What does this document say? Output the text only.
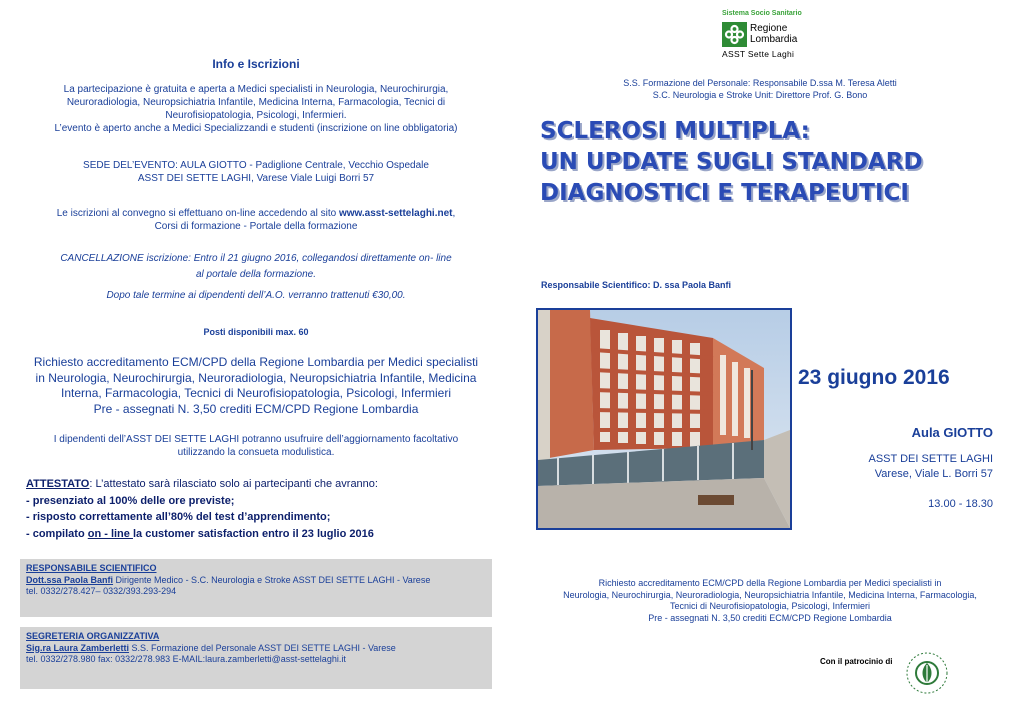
Info e Iscrizioni
La partecipazione è gratuita e aperta a Medici specialisti in Neurologia, Neurochirurgia,
Neuroradiologia, Neuropsichiatria Infantile, Medicina Interna, Farmacologia, Tecnici di
Neurofisiopatologia, Psicologi, Infermieri.
L’evento è aperto anche a Medici Specializzandi e studenti (inscrizione on line obbligatoria)
SEDE DEL’EVENTO: AULA GIOTTO - Padiglione Centrale, Vecchio Ospedale
ASST DEI SETTE LAGHI, Varese Viale Luigi Borri 57
Le iscrizioni al convegno si effettuano on-line accedendo al sito www.asst-settelaghi.net,
Corsi di formazione - Portale della formazione
CANCELLAZIONE iscrizione: Entro il 21 giugno 2016, collegandosi direttamente on- line
al portale della formazione.
Dopo tale termine ai dipendenti dell’A.O. verranno trattenuti €30,00.
Posti disponibili max. 60
Richiesto accreditamento ECM/CPD della Regione Lombardia per Medici specialisti
in Neurologia, Neurochirurgia, Neuroradiologia, Neuropsichiatria Infantile, Medicina
Interna, Farmacologia, Tecnici di Neurofisiopatologia, Psicologi, Infermieri
Pre - assegnati N. 3,50 crediti ECM/CPD Regione Lombardia
I dipendenti dell’ASST DEI SETTE LAGHI potranno usufruire dell’aggiornamento facoltativo
utilizzando la consueta modulistica.
ATTESTATO: L’attestato sarà rilasciato solo ai partecipanti che avranno:
- presenziato al 100% delle ore previste;
- risposto correttamente all’80% del test d’apprendimento;
- compilato on - line la customer satisfaction entro il 23 luglio 2016
RESPONSABILE SCIENTIFICO
Dott.ssa Paola Banfi Dirigente Medico - S.C. Neurologia e Stroke ASST DEI SETTE LAGHI - Varese
tel. 0332/278.427– 0332/393.293-294
SEGRETERIA ORGANIZZATIVA
Sig.ra Laura Zamberletti S.S. Formazione del Personale ASST DEI SETTE LAGHI - Varese
tel. 0332/278.980 fax: 0332/278.983 E-MAIL:laura.zamberletti@asst-settelaghi.it
Sistema Socio Sanitario
Regione
Lombardia
ASST Sette Laghi
S.S. Formazione del Personale: Responsabile D.ssa M. Teresa Aletti
S.C. Neurologia e Stroke Unit: Direttore Prof. G. Bono
SCLEROSI MULTIPLA:
UN UPDATE SUGLI STANDARD
DIAGNOSTICI E TERAPEUTICI
Responsabile Scientifico: D. ssa Paola Banfi
23 giugno 2016
Aula GIOTTO
ASST DEI SETTE LAGHI
Varese, Viale L. Borri 57
13.00 - 18.30
Richiesto accreditamento ECM/CPD della Regione Lombardia per Medici specialisti in
Neurologia, Neurochirurgia, Neuroradiologia, Neuropsichiatria Infantile, Medicina Interna, Farmacologia,
Tecnici di Neurofisiopatologia, Psicologi, Infermieri
Pre - assegnati N. 3,50 crediti ECM/CPD Regione Lombardia
Con il patrocinio di
